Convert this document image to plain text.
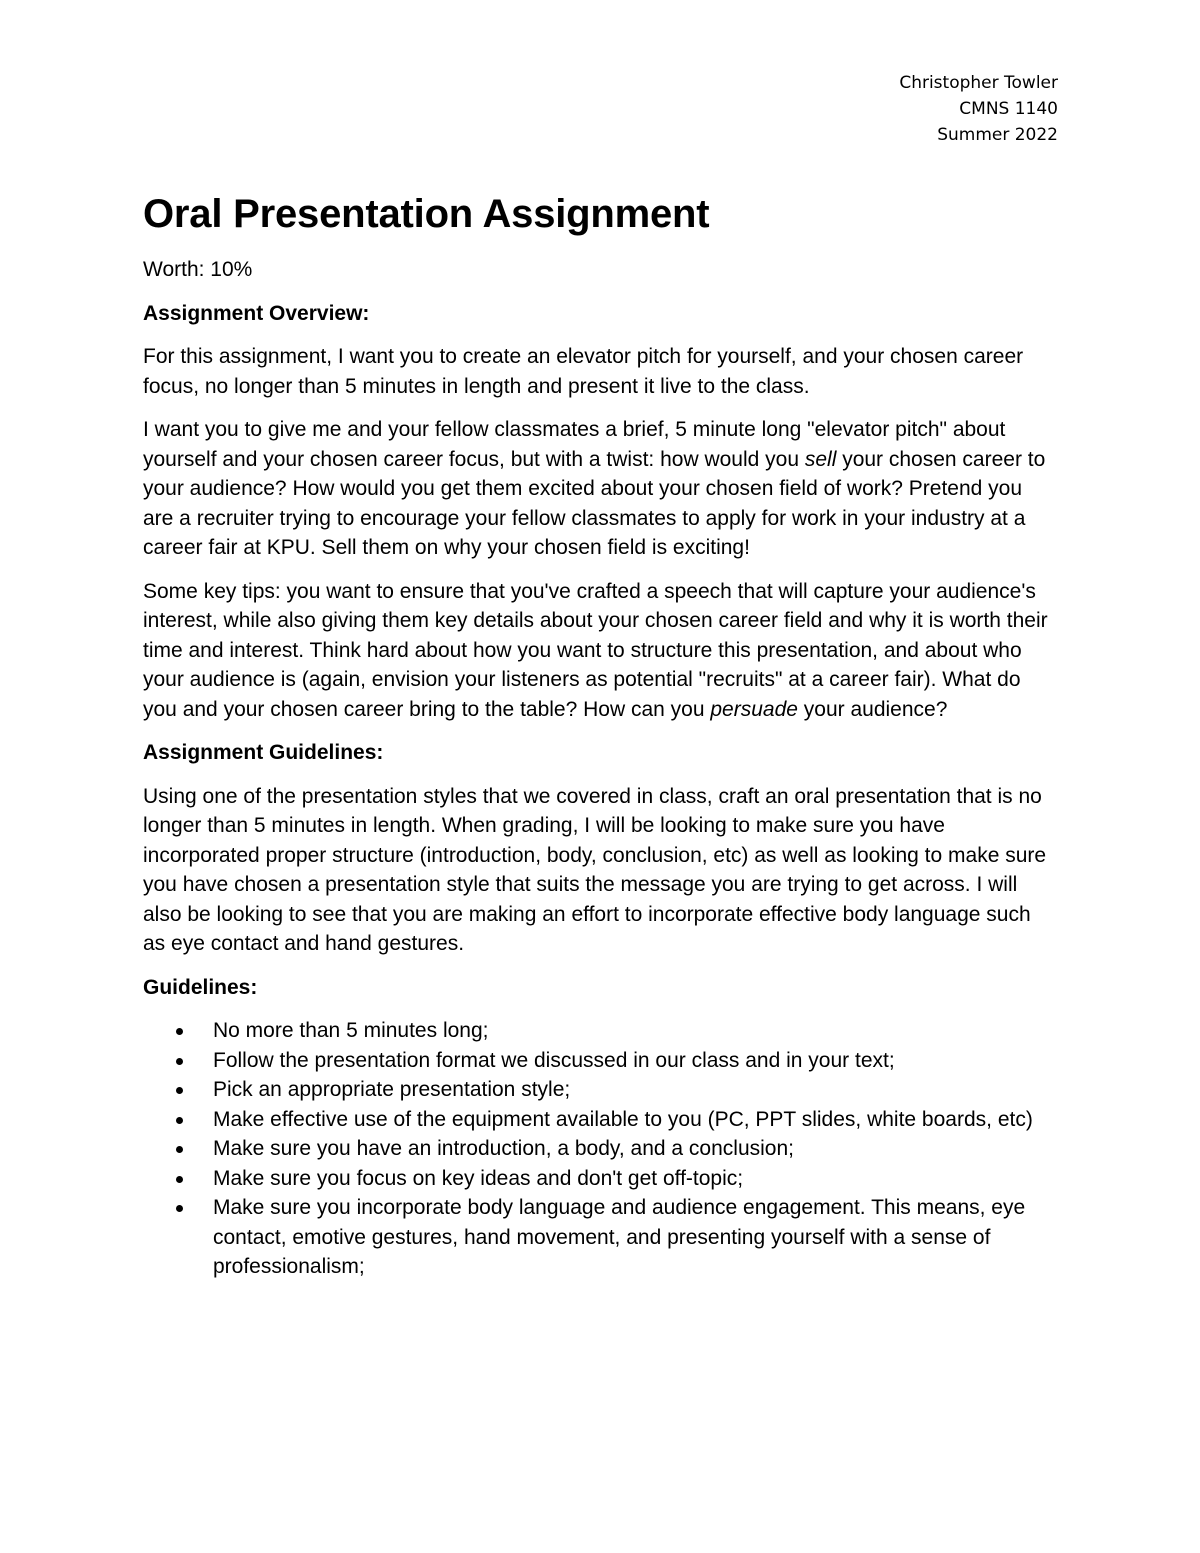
Christopher Towler
CMNS 1140
Summer 2022
Oral Presentation Assignment

Worth: 10%

Assignment Overview:

For this assignment, I want you to create an elevator pitch for yourself, and your chosen career focus, no longer than 5 minutes in length and present it live to the class.

I want you to give me and your fellow classmates a brief, 5 minute long "elevator pitch" about yourself and your chosen career focus, but with a twist: how would you sell your chosen career to your audience? How would you get them excited about your chosen field of work? Pretend you are a recruiter trying to encourage your fellow classmates to apply for work in your industry at a career fair at KPU. Sell them on why your chosen field is exciting!

Some key tips: you want to ensure that you've crafted a speech that will capture your audience's interest, while also giving them key details about your chosen career field and why it is worth their time and interest. Think hard about how you want to structure this presentation, and about who your audience is (again, envision your listeners as potential "recruits" at a career fair). What do you and your chosen career bring to the table? How can you persuade your audience?

Assignment Guidelines:

Using one of the presentation styles that we covered in class, craft an oral presentation that is no longer than 5 minutes in length. When grading, I will be looking to make sure you have incorporated proper structure (introduction, body, conclusion, etc) as well as looking to make sure you have chosen a presentation style that suits the message you are trying to get across. I will also be looking to see that you are making an effort to incorporate effective body language such as eye contact and hand gestures.

Guidelines:
No more than 5 minutes long;
Follow the presentation format we discussed in our class and in your text;
Pick an appropriate presentation style;
Make effective use of the equipment available to you (PC, PPT slides, white boards, etc)
Make sure you have an introduction, a body, and a conclusion;
Make sure you focus on key ideas and don't get off-topic;
Make sure you incorporate body language and audience engagement. This means, eye contact, emotive gestures, hand movement, and presenting yourself with a sense of professionalism;
